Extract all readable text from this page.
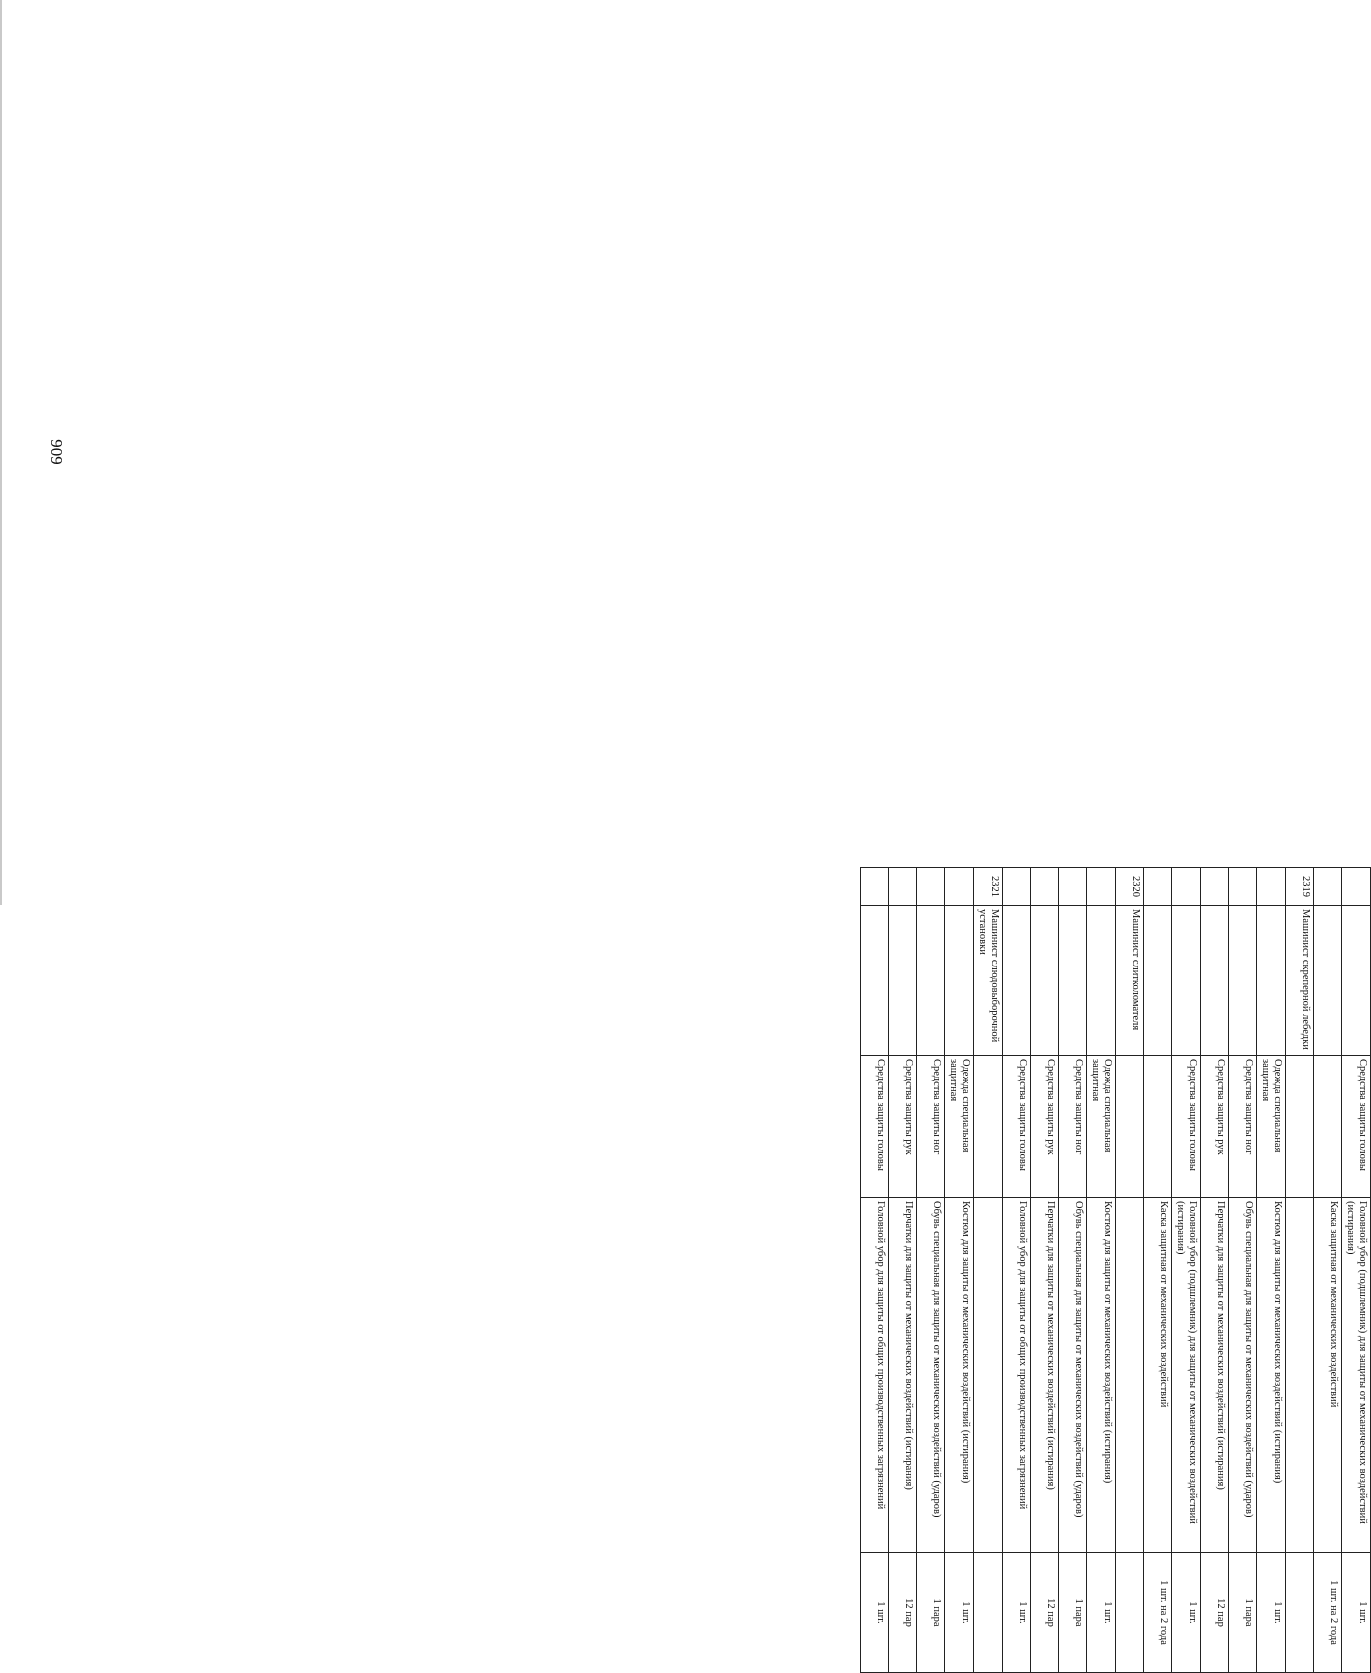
909
		Средства защиты головы	Головной убор (подшлемник) для защиты от механических воздействий (истирания)	1 шт.
			Каска защитная от механических воздействий	1 шт. на 2 года
2319	Машинист скреперной лебедки			
		Одежда специальная защитная	Костюм для защиты от механических воздействий (истирания)	1 шт.
		Средства защиты ног	Обувь специальная для защиты от механических воздействий (ударов)	1 пара
		Средства защиты рук	Перчатки для защиты от механических воздействий (истирания)	12 пар
		Средства защиты головы	Головной убор (подшлемник) для защиты от механических воздействий (истирания)	1 шт.
			Каска защитная от механических воздействий	1 шт. на 2 года
2320	Машинист слитколомателя			
		Одежда специальная защитная	Костюм для защиты от механических воздействий (истирания)	1 шт.
		Средства защиты ног	Обувь специальная для защиты от механических воздействий (ударов)	1 пара
		Средства защиты рук	Перчатки для защиты от механических воздействий (истирания)	12 пар
		Средства защиты головы	Головной убор для защиты от общих производственных загрязнений	1 шт.
2321	Машинист слюдовыборочной установки			
		Одежда специальная защитная	Костюм для защиты от механических воздействий (истирания)	1 шт.
		Средства защиты ног	Обувь специальная для защиты от механических воздействий (ударов)	1 пара
		Средства защиты рук	Перчатки для защиты от механических воздействий (истирания)	12 пар
		Средства защиты головы	Головной убор для защиты от общих производственных загрязнений	1 шт.
